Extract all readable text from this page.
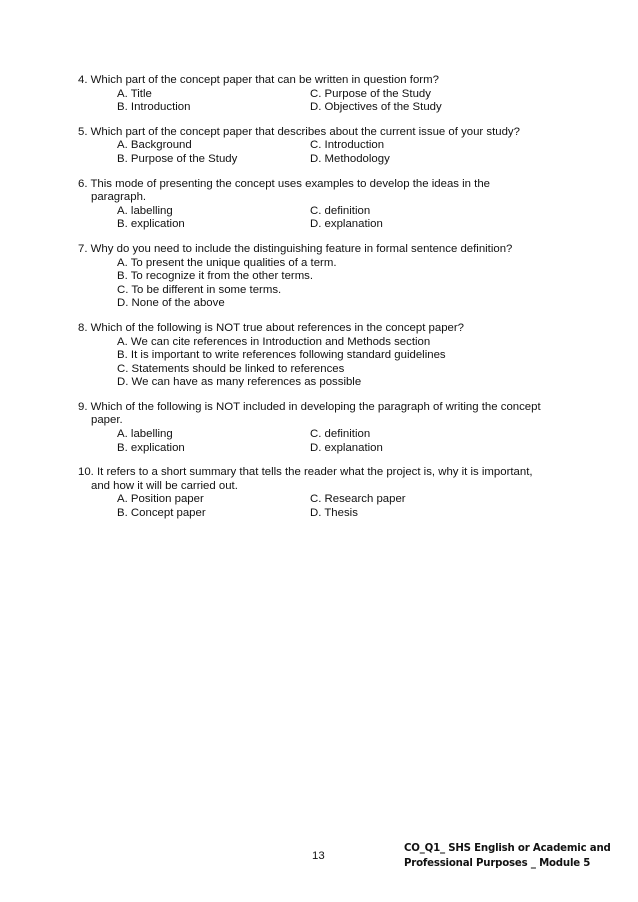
4. Which part of the concept paper that can be written in question form?
A. Title	C. Purpose of the Study
B. Introduction	D. Objectives of the Study
5. Which part of the concept paper that describes about the current issue of your study?
A. Background	C. Introduction
B. Purpose of the Study	D. Methodology
6. This mode of presenting the concept uses examples to develop the ideas in the
paragraph.
A. labelling	C. definition
B. explication	D. explanation
7. Why do you need to include the distinguishing feature in formal sentence definition?
A. To present the unique qualities of a term.
B. To recognize it from the other terms.
C. To be different in some terms.
D. None of the above
8. Which of the following is NOT true about references in the concept paper?
A. We can cite references in Introduction and Methods section
B. It is important to write references following standard guidelines
C. Statements should be linked to references
D. We can have as many references as possible
9. Which of the following is NOT included in developing the paragraph of writing the concept
paper.
A. labelling	C. definition
B. explication	D. explanation
10. It refers to a short summary that tells the reader what the project is, why it is important,
and how it will be carried out.
A. Position paper	C. Research paper
B. Concept paper	D. Thesis
13
CO_Q1_ SHS English or Academic and
Professional Purposes _ Module 5
